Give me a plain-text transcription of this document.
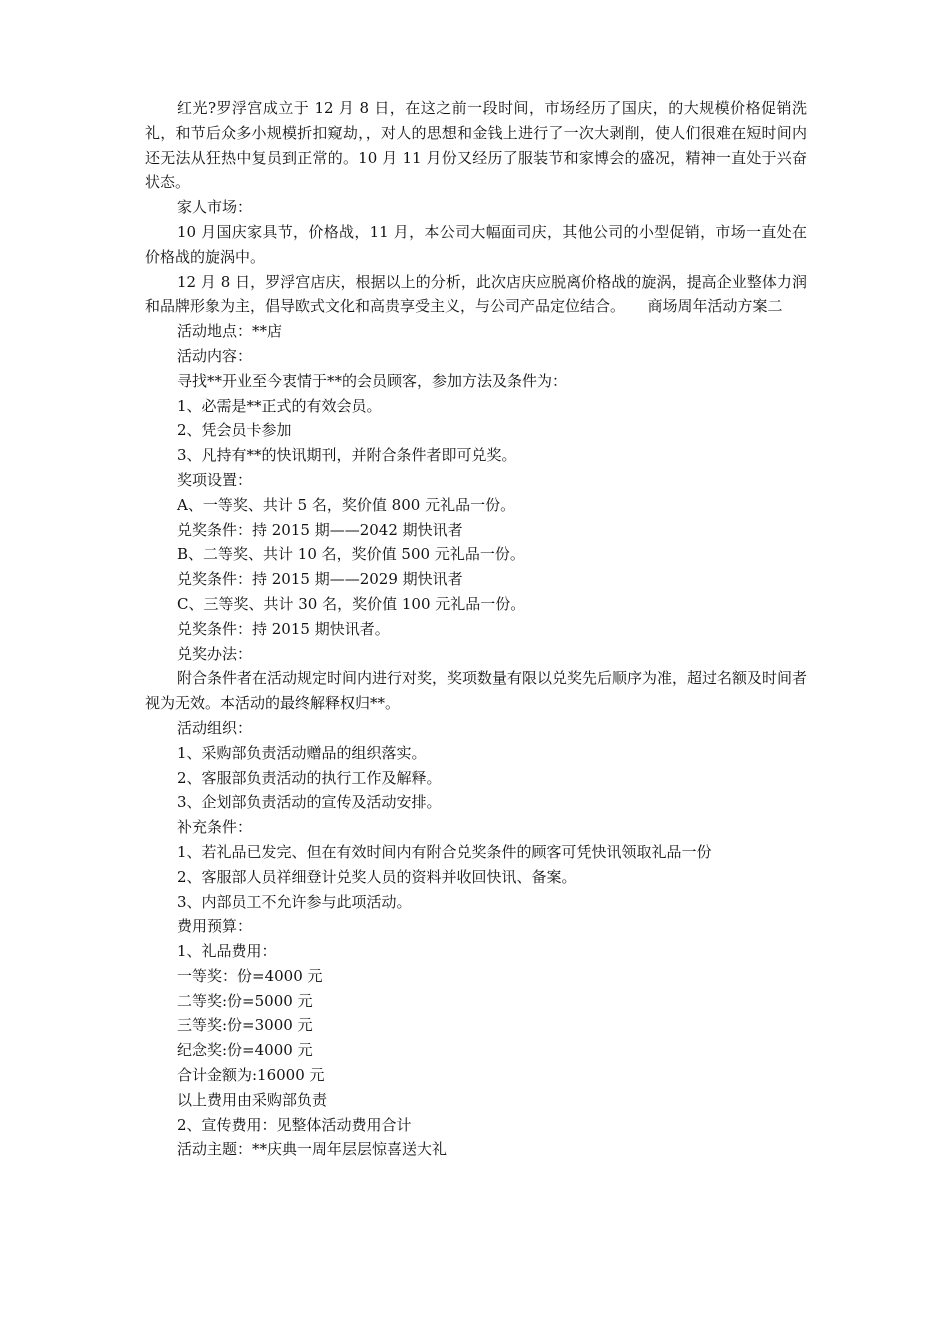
红光?罗浮宫成立于 12 月 8 日，在这之前一段时间，市场经历了国庆，的大规模价格促销洗礼，和节后众多小规模折扣窥劫，，对人的思想和金钱上进行了一次大剥削，使人们很难在短时间内还无法从狂热中复员到正常的。10 月 11 月份又经历了服装节和家博会的盛况，精神一直处于兴奋状态。

家人市场：

10 月国庆家具节，价格战，11 月，本公司大幅面司庆，其他公司的小型促销，市场一直处在价格战的旋涡中。

12 月 8 日，罗浮宫店庆，根据以上的分析，此次店庆应脱离价格战的旋涡，提高企业整体力润和品牌形象为主，倡导欧式文化和高贵享受主义，与公司产品定位结合。　　商场周年活动方案二

活动地点：**店

活动内容：

寻找**开业至今衷情于**的会员顾客，参加方法及条件为：

1、必需是**正式的有效会员。

2、凭会员卡参加

3、凡持有**的快讯期刊，并附合条件者即可兑奖。

奖项设置：

A、一等奖、共计 5 名，奖价值 800 元礼品一份。

兑奖条件：持 2015 期——2042 期快讯者

B、二等奖、共计 10 名，奖价值 500 元礼品一份。

兑奖条件：持 2015 期——2029 期快讯者

C、三等奖、共计 30 名，奖价值 100 元礼品一份。

兑奖条件：持 2015 期快讯者。

兑奖办法：

附合条件者在活动规定时间内进行对奖，奖项数量有限以兑奖先后顺序为准，超过名额及时间者视为无效。本活动的最终解释权归**。

活动组织：

1、采购部负责活动赠品的组织落实。

2、客服部负责活动的执行工作及解释。

3、企划部负责活动的宣传及活动安排。

补充条件：

1、若礼品已发完、但在有效时间内有附合兑奖条件的顾客可凭快讯领取礼品一份

2、客服部人员祥细登计兑奖人员的资料并收回快讯、备案。

3、内部员工不允许参与此项活动。

费用预算：

1、礼品费用：

一等奖：份=4000 元

二等奖:份=5000 元

三等奖:份=3000 元

纪念奖:份=4000 元

合计金额为:16000 元

以上费用由采购部负责

2、宣传费用：见整体活动费用合计

活动主题：**庆典一周年层层惊喜送大礼
